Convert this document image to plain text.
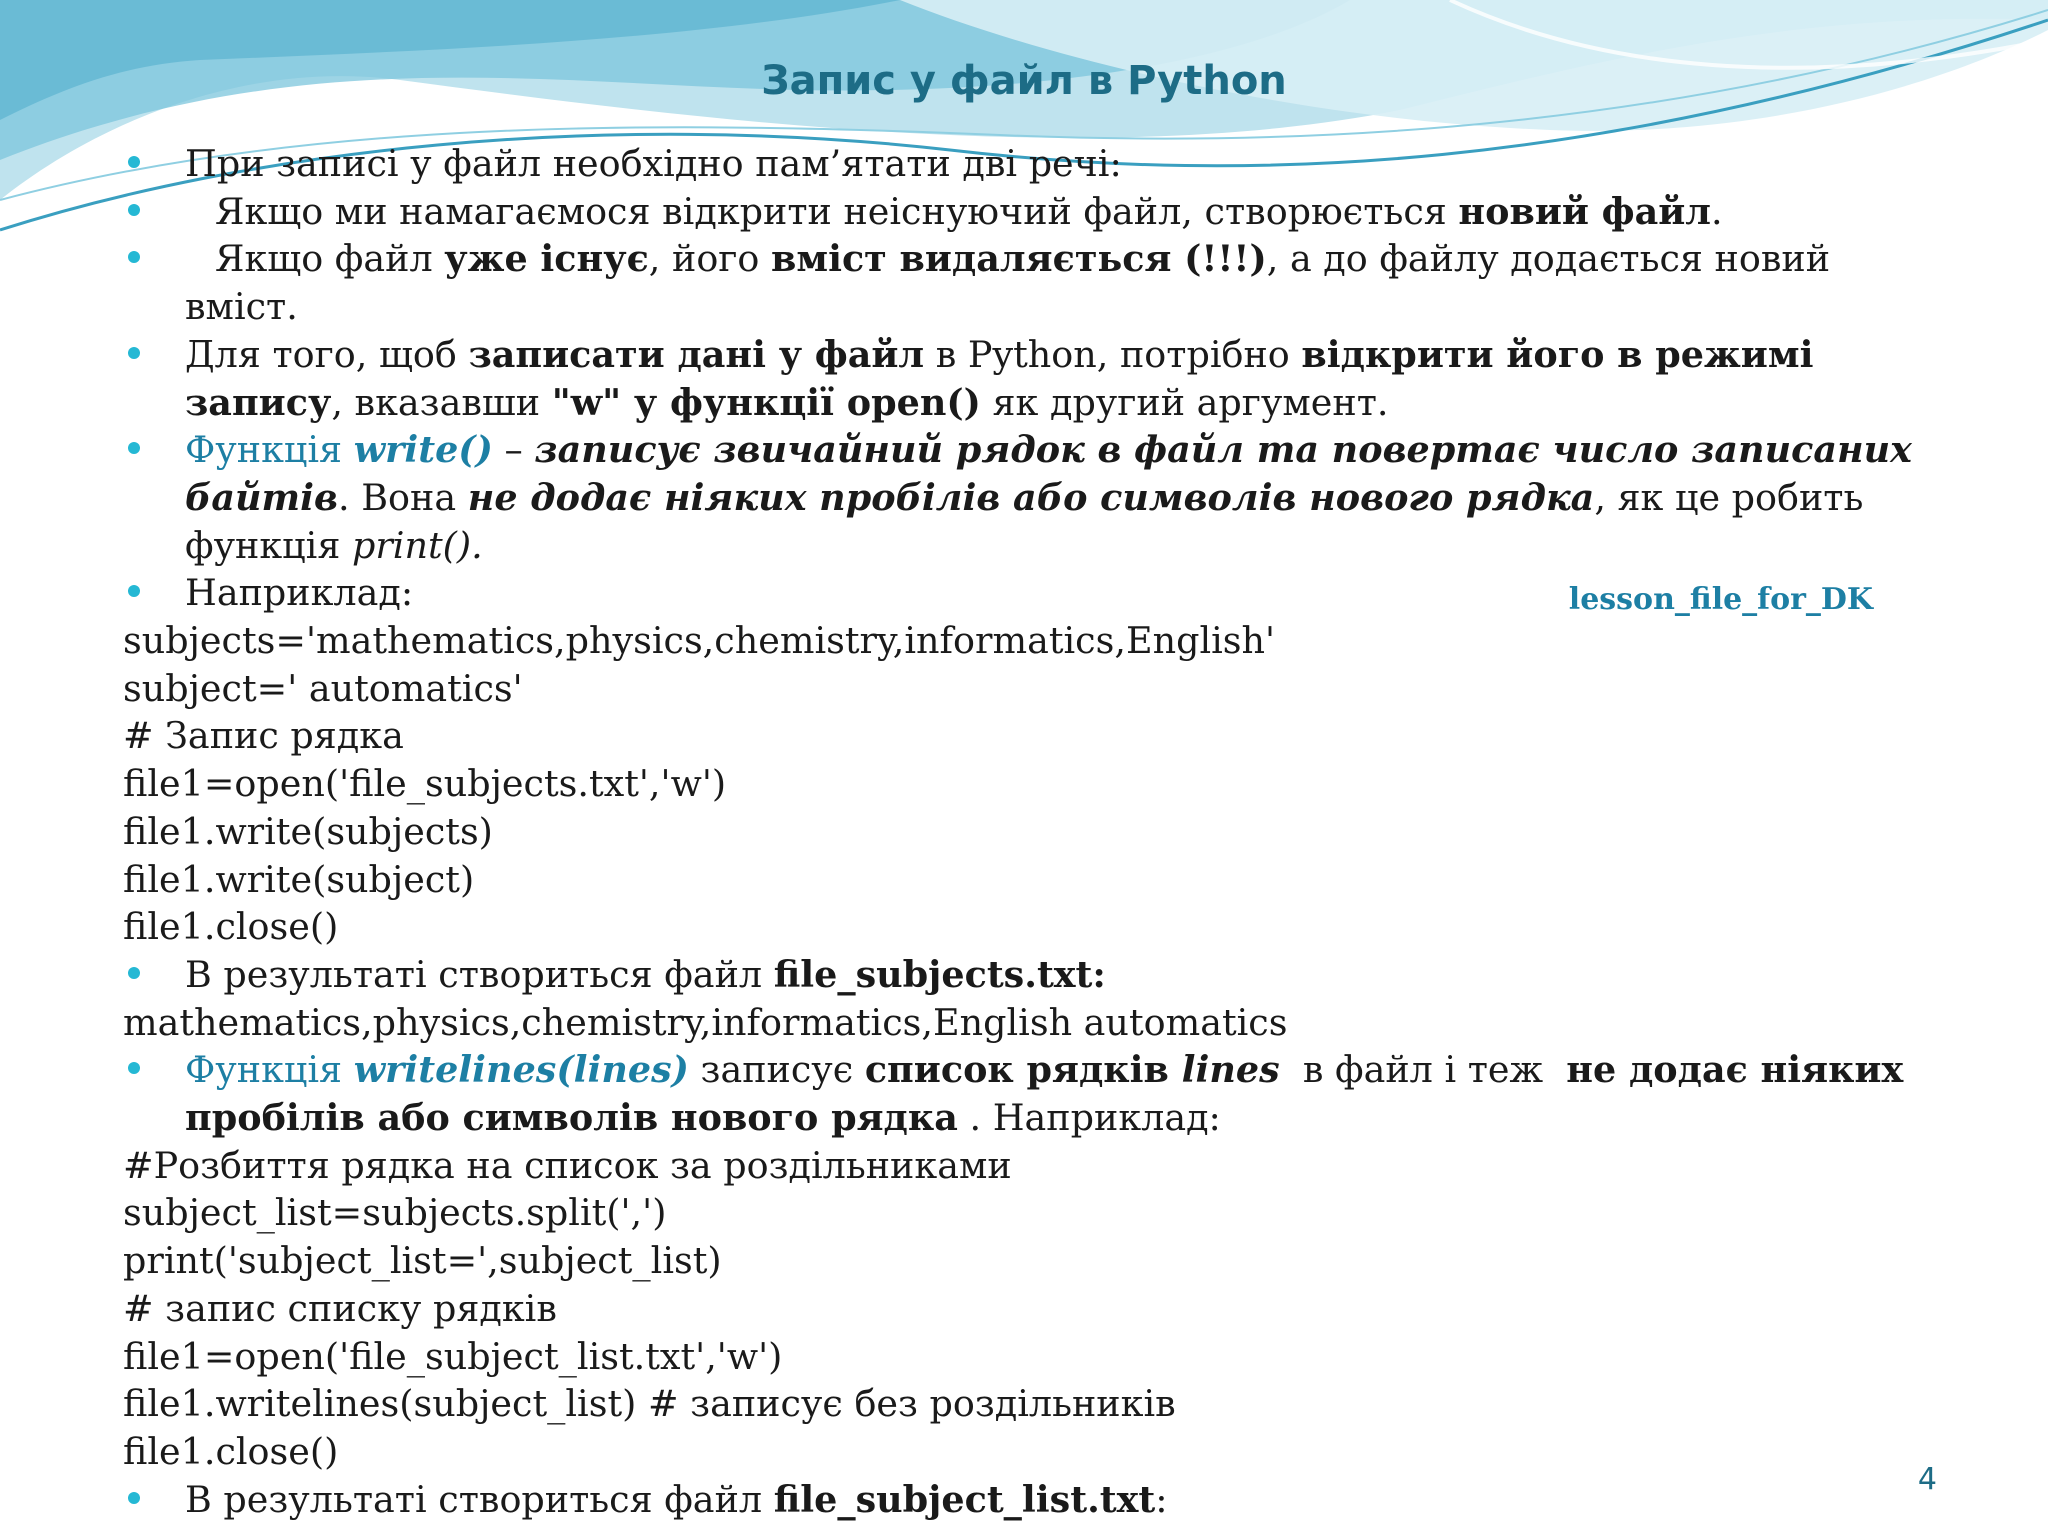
Запис у файл в Python
При записі у файл необхідно пам’ятати дві речі:
Якщо ми намагаємося відкрити неіснуючий файл, створюється новий файл.
Якщо файл уже існує, його вміст видаляється (!!!), а до файлу додається новий
вміст.
Для того, щоб записати дані у файл в Python, потрібно відкрити його в режимі
запису, вказавши "w" у функції open() як другий аргумент.
Функція write() – записує звичайний рядок в файл та повертає число записаних
байтів. Вона не додає ніяких пробілів або символів нового рядка, як це робить
функція print().
Наприклад:
subjects='mathematics,physics,chemistry,informatics,English'
subject=' automatics'
# Запис рядка
file1=open('file_subjects.txt','w')
file1.write(subjects)
file1.write(subject)
file1.close()
В результаті створиться файл file_subjects.txt:
mathematics,physics,chemistry,informatics,English automatics
Функція writelines(lines) записує список рядків lines  в файл і теж  не додає ніяких
пробілів або символів нового рядка . Наприклад:
#Розбиття рядка на список за роздільниками
subject_list=subjects.split(',')
print('subject_list=',subject_list)
# запис списку рядків
file1=open('file_subject_list.txt','w')
file1.writelines(subject_list) # записує без роздільників
file1.close()
В результаті створиться файл file_subject_list.txt:
lesson_file_for_DK
4
